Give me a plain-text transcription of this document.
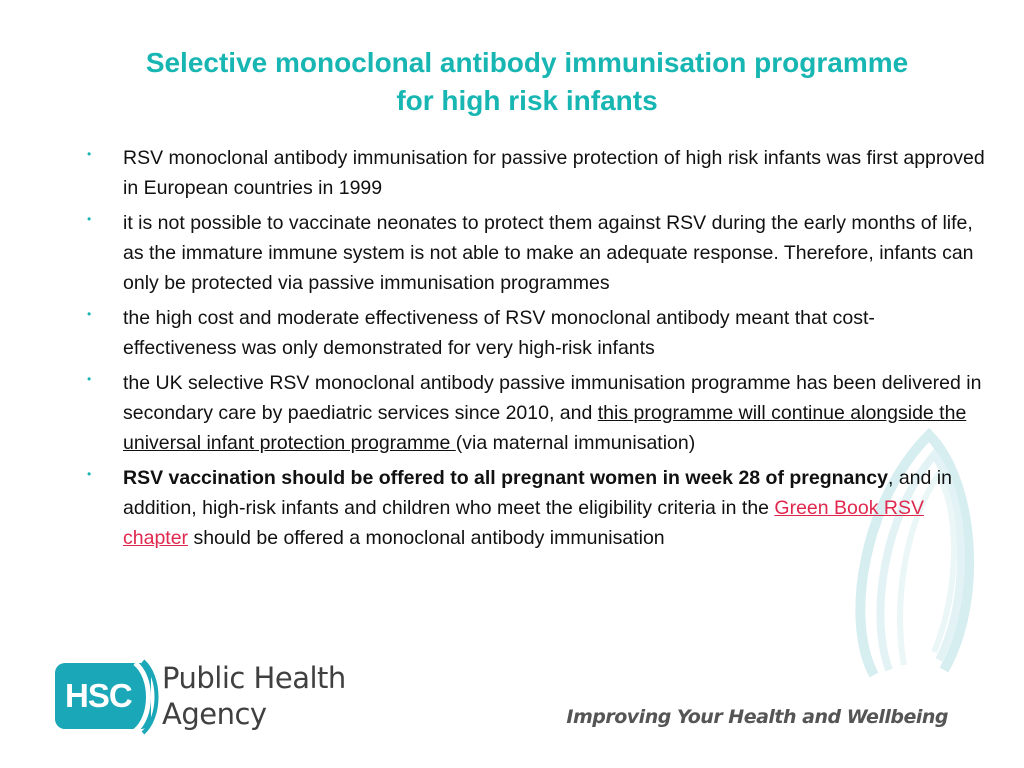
Selective monoclonal antibody immunisation programme
for high risk infants
• RSV monoclonal antibody immunisation for passive protection of high risk infants was first approved in European countries in 1999
• it is not possible to vaccinate neonates to protect them against RSV during the early months of life, as the immature immune system is not able to make an adequate response. Therefore, infants can only be protected via passive immunisation programmes
• the high cost and moderate effectiveness of RSV monoclonal antibody meant that cost-effectiveness was only demonstrated for very high-risk infants
• the UK selective RSV monoclonal antibody passive immunisation programme has been delivered in secondary care by paediatric services since 2010, and this programme will continue alongside the universal infant protection programme (via maternal immunisation)
• RSV vaccination should be offered to all pregnant women in week 28 of pregnancy, and in addition, high-risk infants and children who meet the eligibility criteria in the Green Book RSV chapter should be offered a monoclonal antibody immunisation
HSC	Public Health
Agency	Improving Your Health and Wellbeing
